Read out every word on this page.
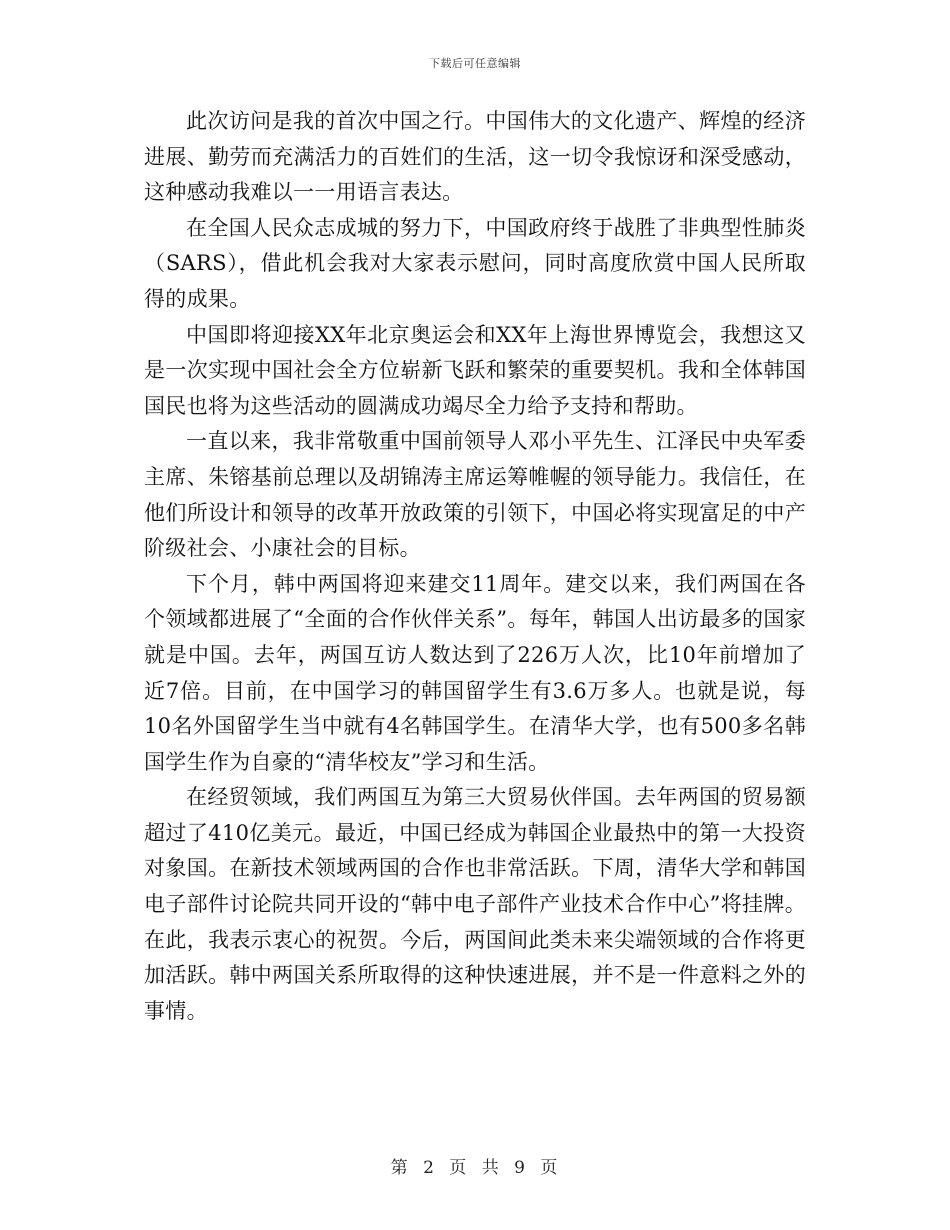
下载后可任意编辑

此次访问是我的首次中国之行。中国伟大的文化遗产、辉煌的经济进展、勤劳而充满活力的百姓们的生活，这一切令我惊讶和深受感动，这种感动我难以一一用语言表达。

在全国人民众志成城的努力下，中国政府终于战胜了非典型性肺炎（SARS），借此机会我对大家表示慰问，同时高度欣赏中国人民所取得的成果。

中国即将迎接XX年北京奥运会和XX年上海世界博览会，我想这又是一次实现中国社会全方位崭新飞跃和繁荣的重要契机。我和全体韩国国民也将为这些活动的圆满成功竭尽全力给予支持和帮助。

一直以来，我非常敬重中国前领导人邓小平先生、江泽民中央军委主席、朱镕基前总理以及胡锦涛主席运筹帷幄的领导能力。我信任，在他们所设计和领导的改革开放政策的引领下，中国必将实现富足的中产阶级社会、小康社会的目标。

下个月，韩中两国将迎来建交11周年。建交以来，我们两国在各个领域都进展了“全面的合作伙伴关系”。每年，韩国人出访最多的国家就是中国。去年，两国互访人数达到了226万人次，比10年前增加了近7倍。目前，在中国学习的韩国留学生有3.6万多人。也就是说，每10名外国留学生当中就有4名韩国学生。在清华大学，也有500多名韩国学生作为自豪的“清华校友”学习和生活。

在经贸领域，我们两国互为第三大贸易伙伴国。去年两国的贸易额超过了410亿美元。最近，中国已经成为韩国企业最热中的第一大投资对象国。在新技术领域两国的合作也非常活跃。下周，清华大学和韩国电子部件讨论院共同开设的“韩中电子部件产业技术合作中心”将挂牌。在此，我表示衷心的祝贺。今后，两国间此类未来尖端领域的合作将更加活跃。韩中两国关系所取得的这种快速进展，并不是一件意料之外的事情。

第 2 页 共 9 页
